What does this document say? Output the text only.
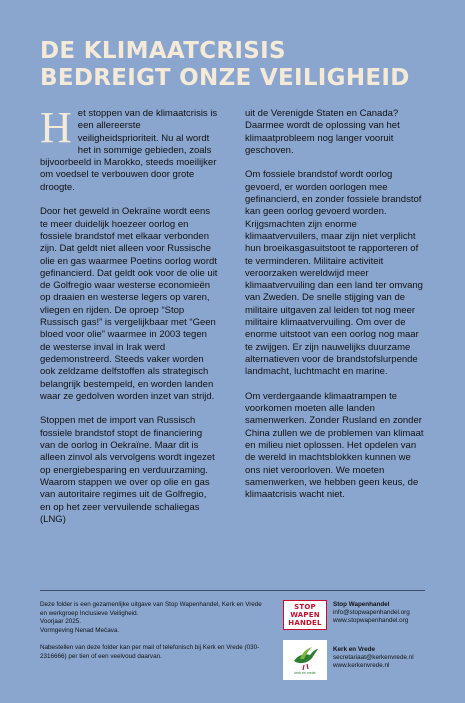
DE KLIMAATCRISIS
BEDREIGT ONZE VEILIGHEID

Het stoppen van de klimaatcrisis is een allereerste veiligheidsprioriteit. Nu al wordt het in sommige gebieden, zoals bijvoorbeeld in Marokko, steeds moeilijker om voedsel te verbouwen door grote droogte.

Door het geweld in Oekraïne wordt eens te meer duidelijk hoezeer oorlog en fossiele brandstof met elkaar verbonden zijn. Dat geldt niet alleen voor Russische olie en gas waarmee Poetins oorlog wordt gefinancierd. Dat geldt ook voor de olie uit de Golfregio waar westerse economieën op draaien en westerse legers op varen, vliegen en rijden. De oproep “Stop Russisch gas!” is vergelijkbaar met “Geen bloed voor olie” waarmee in 2003 tegen de westerse inval in Irak werd gedemonstreerd. Steeds vaker worden ook zeldzame delfstoffen als strategisch belangrijk bestempeld, en worden landen waar ze gedolven worden inzet van strijd.

Stoppen met de import van Russisch fossiele brandstof stopt de financiering van de oorlog in Oekraïne. Maar dit is alleen zinvol als vervolgens wordt ingezet op energiebesparing en verduurzaming. Waarom stappen we over op olie en gas van autoritaire regimes uit de Golfregio, en op het zeer vervuilende schaliegas (LNG)

uit de Verenigde Staten en Canada? Daarmee wordt de oplossing van het klimaatprobleem nog langer vooruit geschoven.

Om fossiele brandstof wordt oorlog gevoerd, er worden oorlogen mee gefinancierd, en zonder fossiele brandstof kan geen oorlog gevoerd worden. Krijgsmachten zijn enorme klimaatvervuilers, maar zijn niet verplicht hun broeikasgasuitstoot te rapporteren of te verminderen. Militaire activiteit veroorzaken wereldwijd meer klimaatvervuiling dan een land ter omvang van Zweden. De snelle stijging van de militaire uitgaven zal leiden tot nog meer militaire klimaatvervuiling. Om over de enorme uitstoot van een oorlog nog maar te zwijgen. Er zijn nauwelijks duurzame alternatieven voor de brandstofslurpende landmacht, luchtmacht en marine.

Om verdergaande klimaatrampen te voorkomen moeten alle landen samenwerken. Zonder Rusland en zonder China zullen we de problemen van klimaat en milieu niet oplossen. Het opdelen van de wereld in machtsblokken kunnen we ons niet veroorloven. We moeten samenwerken, we hebben geen keus, de klimaatcrisis wacht niet.

Deze folder is een gezamenlijke uitgave van Stop Wapenhandel, Kerk en Vrede en werkgroep Inclusieve Veiligheid.
Voorjaar 2025.
Vormgeving Nenad Mečava.

Nabestellen van deze folder kan per mail of telefonisch bij Kerk en Vrede (030-2316666) per tien of een veelvoud daarvan.

STOP
WAPEN
HANDEL
Stop Wapenhandel
info@stopwapenhandel.org
www.stopwapenhandel.org
kerk en vrede
Kerk en Vrede
secretariaat@kerkenvrede.nl
www.kerkenvrede.nl
